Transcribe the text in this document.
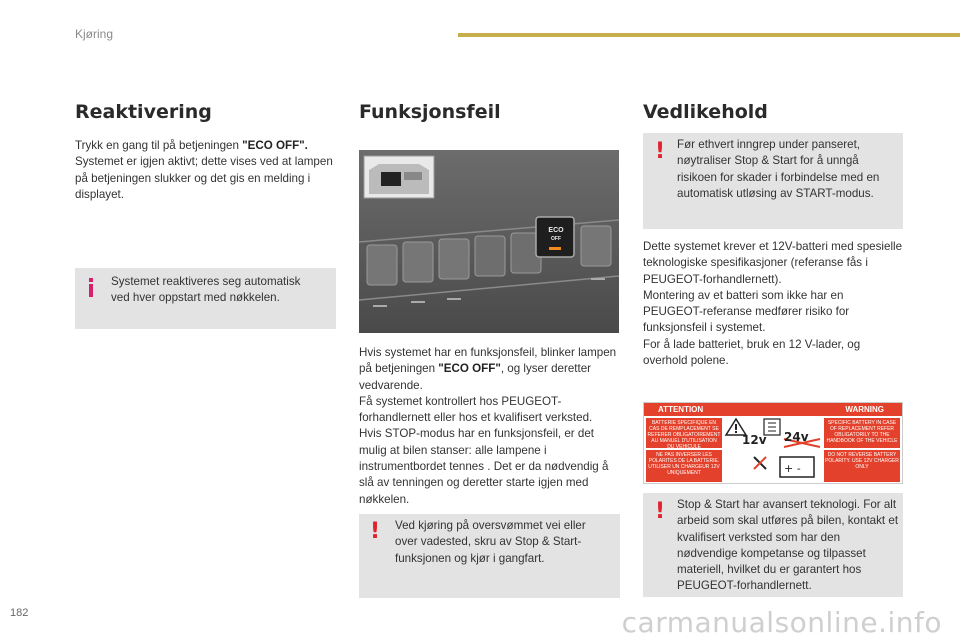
Kjøring
Reaktivering

Trykk en gang til på betjeningen "ECO OFF".
Systemet er igjen aktivt; dette vises ved at lampen på betjeningen slukker og det gis en melding i displayet.

Systemet reaktiveres seg automatisk ved hver oppstart med nøkkelen.
Funksjonsfeil
ECO
OFF
Hvis systemet har en funksjonsfeil, blinker lampen på betjeningen "ECO OFF", og lyser deretter vedvarende.
Få systemet kontrollert hos PEUGEOT-forhandlernett eller hos et kvalifisert verksted.
Hvis STOP-modus har en funksjonsfeil, er det mulig at bilen stanser: alle lampene i instrumentbordet tennes . Det er da nødvendig å slå av tenningen og deretter starte igjen med nøkkelen.
! Ved kjøring på oversvømmet vei eller over vadested, skru av Stop & Start-funksjonen og kjør i gangfart.
Vedlikehold
! Før ethvert inngrep under panseret, nøytraliser Stop & Start for å unngå risikoen for skader i forbindelse med en automatisk utløsing av START-modus.
Dette systemet krever et 12V-batteri med spesielle teknologiske spesifikasjoner (referanse fås i PEUGEOT-forhandlernett).
Montering av et batteri som ikke har en PEUGEOT-referanse medfører risiko for funksjonsfeil i systemet.
For å lade batteriet, bruk en 12 V-lader, og overhold polene.
ATTENTION	WARNING
BATTERIE SPECIFIQUE EN CAS DE REMPLACEMENT SE REFERER OBLIGATOIREMENT AU MANUEL D'UTILISATION DU VEHICULE
SPECIFIC BATTERY IN CASE OF REPLACEMENT REFER OBLIGATORILY TO THE HANDBOOK OF THE VEHICLE
NE PAS INVERSER LES POLARITES DE LA BATTERIE. UTILISER UN CHARGEUR 12V UNIQUEMENT
DO NOT REVERSE BATTERY POLARITY. USE 12V CHARGER ONLY
+ -
12v 24v
! Stop & Start har avansert teknologi. For alt arbeid som skal utføres på bilen, kontakt et kvalifisert verksted som har den nødvendige kompetanse og tilpasset materiell, hvilket du er garantert hos PEUGEOT-forhandlernett.
182	carmanualsonline.info
